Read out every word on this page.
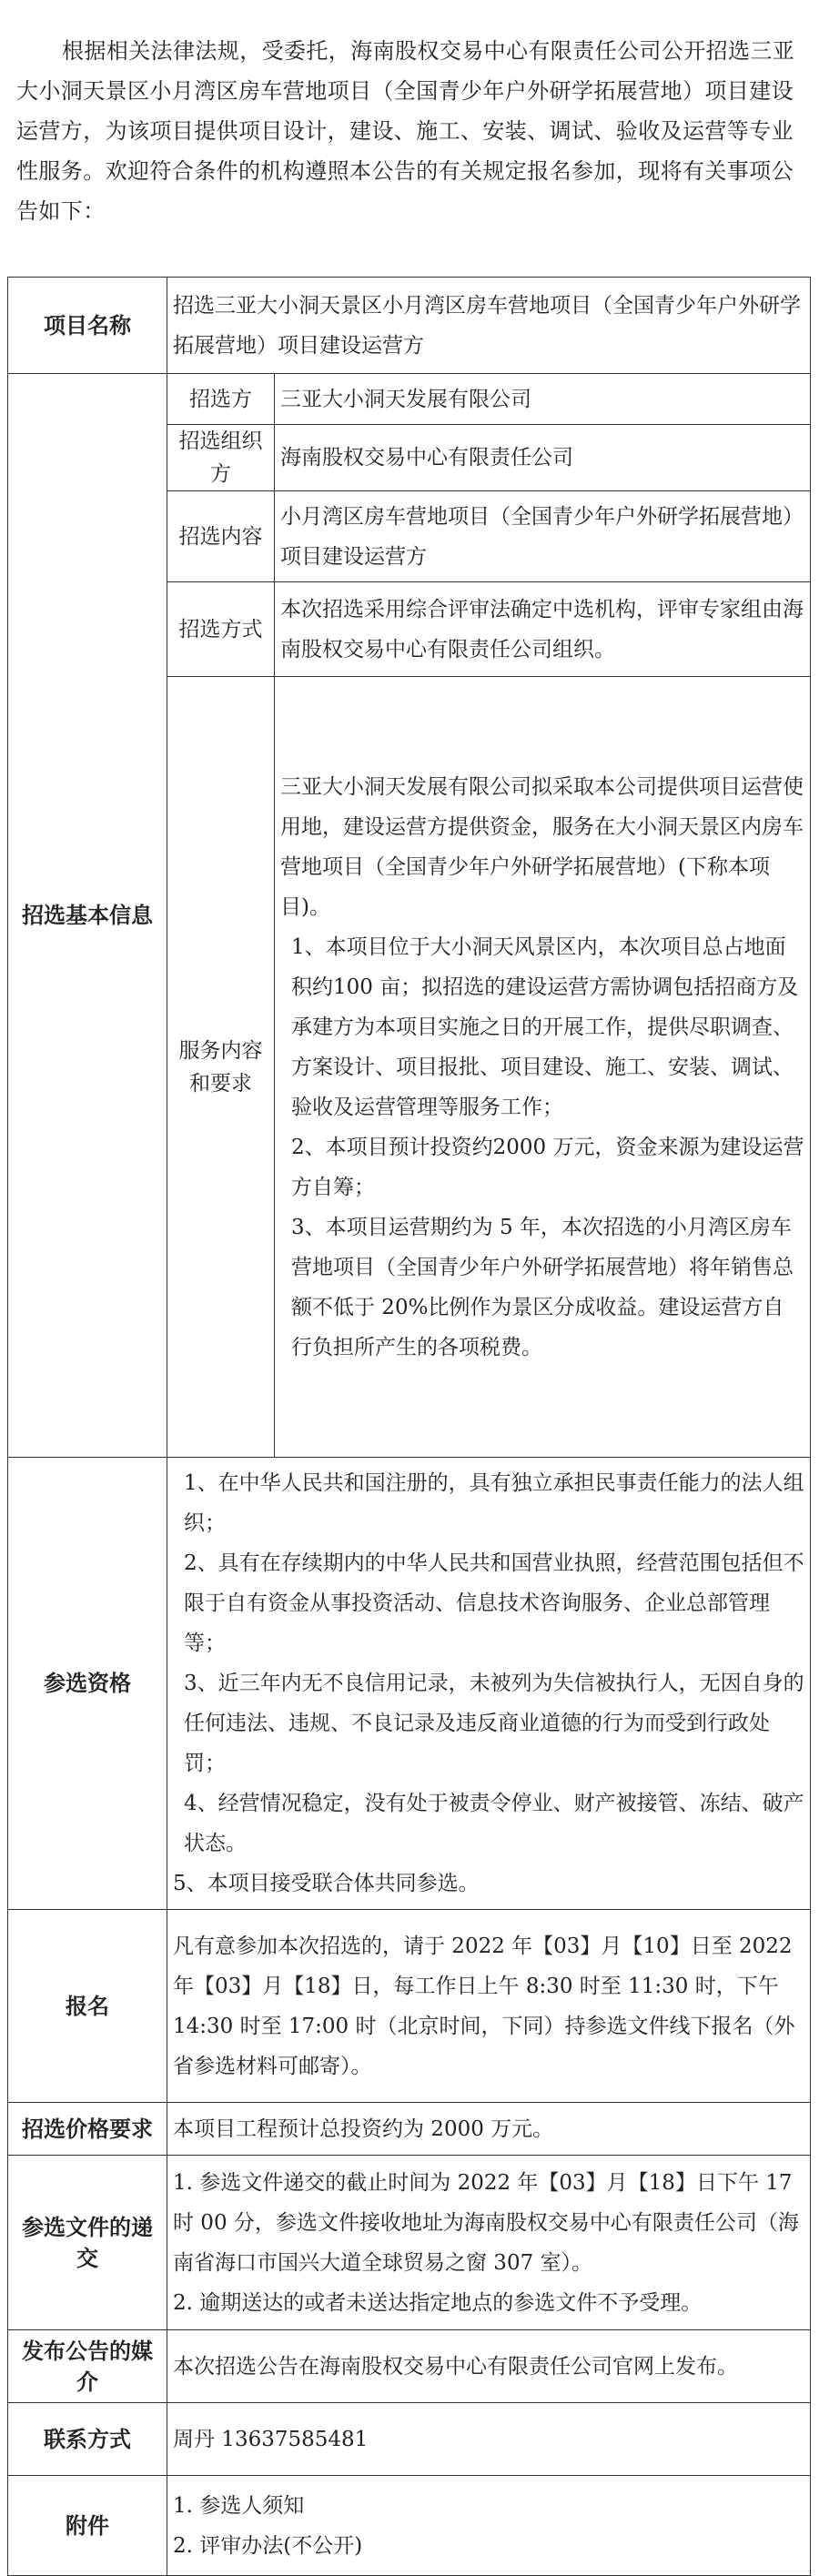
根据相关法律法规，受委托，海南股权交易中心有限责任公司公开招选三亚大小洞天景区小月湾区房车营地项目（全国青少年户外研学拓展营地）项目建设运营方，为该项目提供项目设计，建设、施工、安装、调试、验收及运营等专业性服务。欢迎符合条件的机构遵照本公告的有关规定报名参加，现将有关事项公告如下：

项目名称	招选三亚大小洞天景区小月湾区房车营地项目（全国青少年户外研学拓展营地）项目建设运营方	
招选基本信息	招选方	三亚大小洞天发展有限公司
	招选组织方	海南股权交易中心有限责任公司
	招选内容	小月湾区房车营地项目（全国青少年户外研学拓展营地）项目建设运营方
	招选方式	本次招选采用综合评审法确定中选机构，评审专家组由海南股权交易中心有限责任公司组织。
	服务内容和要求	三亚大小洞天发展有限公司拟采取本公司提供项目运营使用地，建设运营方提供资金，服务在大小洞天景区内房车营地项目（全国青少年户外研学拓展营地）(下称本项目)。

1、本项目位于大小洞天风景区内，本次项目总占地面积约100 亩；拟招选的建设运营方需协调包括招商方及承建方为本项目实施之日的开展工作，提供尽职调查、方案设计、项目报批、项目建设、施工、安装、调试、验收及运营管理等服务工作；

2、本项目预计投资约2000 万元，资金来源为建设运营方自筹；

3、本项目运营期约为 5 年，本次招选的小月湾区房车营地项目（全国青少年户外研学拓展营地）将年销售总额不低于 20%比例作为景区分成收益。建设运营方自行负担所产生的各项税费。

参选资格	1、在中华人民共和国注册的，具有独立承担民事责任能力的法人组织；

2、具有在存续期内的中华人民共和国营业执照，经营范围包括但不限于自有资金从事投资活动、信息技术咨询服务、企业总部管理等；

3、近三年内无不良信用记录，未被列为失信被执行人，无因自身的任何违法、违规、不良记录及违反商业道德的行为而受到行政处罚；

4、经营情况稳定，没有处于被责令停业、财产被接管、冻结、破产状态。

5、本项目接受联合体共同参选。	

报名	凡有意参加本次招选的，请于 2022 年【03】月【10】日至 2022 年【03】月【18】日，每工作日上午 8:30 时至 11:30 时，下午 14:30 时至 17:00 时（北京时间，下同）持参选文件线下报名（外省参选材料可邮寄）。	
招选价格要求	本项目工程预计总投资约为 2000 万元。	
参选文件的递交	1. 参选文件递交的截止时间为 2022 年【03】月【18】日下午 17 时 00 分，参选文件接收地址为海南股权交易中心有限责任公司（海南省海口市国兴大道全球贸易之窗 307 室）。

2. 逾期送达的或者未送达指定地点的参选文件不予受理。	

发布公告的媒介	本次招选公告在海南股权交易中心有限责任公司官网上发布。	
联系方式	周丹 13637585481	
附件	1. 参选人须知

2. 评审办法(不公开)	
